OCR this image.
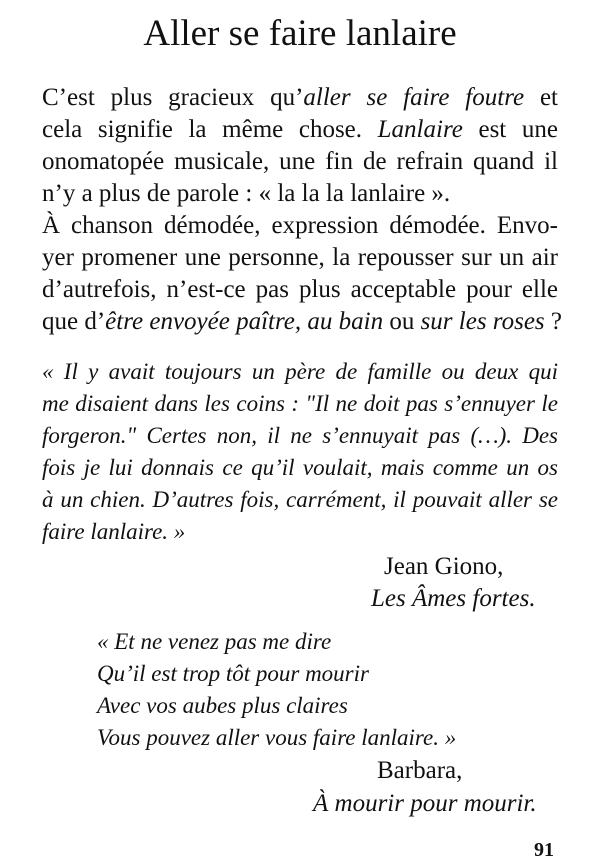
Aller se faire lanlaire
C’est plus gracieux qu’aller se faire foutre et
cela signifie la même chose. Lanlaire est une
onomatopée musicale, une fin de refrain quand il
n’y a plus de parole : « la la la lanlaire ».
À chanson démodée, expression démodée. Envo-
yer promener une personne, la repousser sur un air
d’autrefois, n’est-ce pas plus acceptable pour elle
que d’être envoyée paître, au bain ou sur les roses ?
« Il y avait toujours un père de famille ou deux qui
me disaient dans les coins : "Il ne doit pas s’ennuyer le
forgeron." Certes non, il ne s’ennuyait pas (…). Des
fois je lui donnais ce qu’il voulait, mais comme un os
à un chien. D’autres fois, carrément, il pouvait aller se
faire lanlaire. »

Jean Giono,

Les Âmes fortes.

« Et ne venez pas me dire
Qu’il est trop tôt pour mourir
Avec vos aubes plus claires
Vous pouvez aller vous faire lanlaire. »

Barbara,

À mourir pour mourir.

91
